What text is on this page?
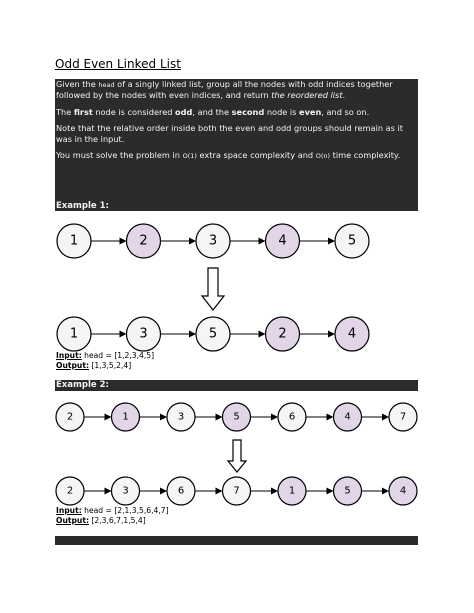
Odd Even Linked List

Given the head of a singly linked list, group all the nodes with odd indices together followed by the nodes with even indices, and return the reordered list.

The first node is considered odd, and the second node is even, and so on.

Note that the relative order inside both the even and odd groups should remain as it was in the input.

You must solve the problem in O(1) extra space complexity and O(n) time complexity.

Example 1:
Input: head = [1,2,3,4,5]
Output: [1,3,5,2,4]
Example 2:
Input: head = [2,1,3,5,6,4,7]
Output: [2,3,6,7,1,5,4]
1	2	3	4	5
1	3	5	2	4
2	1	3	5	6	4	7
2	3	6	7	1	5	4
